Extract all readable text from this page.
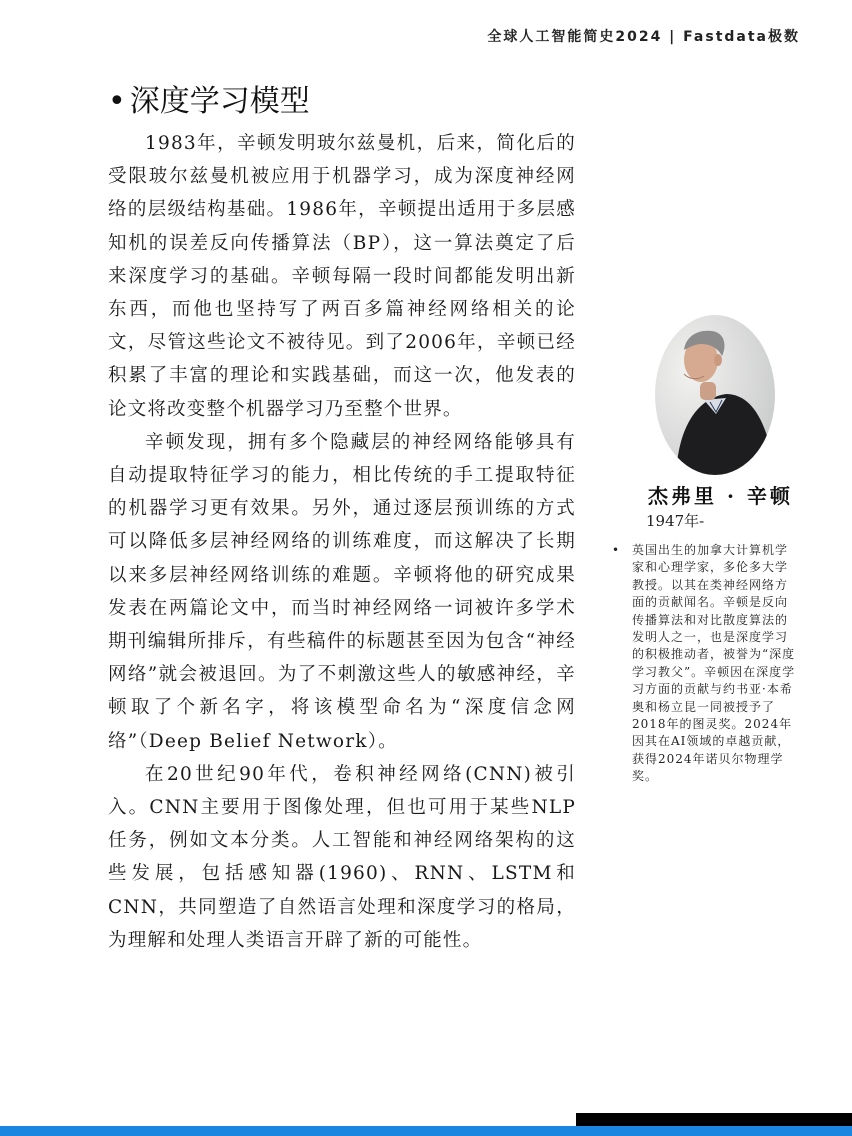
全球人工智能简史2024 | Fastdata极数
• 深度学习模型

1983年，辛顿发明玻尔兹曼机，后来，简化后的受限玻尔兹曼机被应用于机器学习，成为深度神经网络的层级结构基础。1986年，辛顿提出适用于多层感知机的误差反向传播算法（BP），这一算法奠定了后来深度学习的基础。辛顿每隔一段时间都能发明出新东西，而他也坚持写了两百多篇神经网络相关的论文，尽管这些论文不被待见。到了2006年，辛顿已经积累了丰富的理论和实践基础，而这一次，他发表的论文将改变整个机器学习乃至整个世界。

辛顿发现，拥有多个隐藏层的神经网络能够具有自动提取特征学习的能力，相比传统的手工提取特征的机器学习更有效果。另外，通过逐层预训练的方式可以降低多层神经网络的训练难度，而这解决了长期以来多层神经网络训练的难题。辛顿将他的研究成果发表在两篇论文中，而当时神经网络一词被许多学术期刊编辑所排斥，有些稿件的标题甚至因为包含“神经网络”就会被退回。为了不刺激这些人的敏感神经，辛顿取了个新名字，将该模型命名为“深度信念网络”（Deep Belief Network）。

在20世纪90年代，卷积神经网络(CNN)被引入。CNN主要用于图像处理，但也可用于某些NLP任务，例如文本分类。人工智能和神经网络架构的这些发展，包括感知器(1960)、RNN、LSTM和CNN，共同塑造了自然语言处理和深度学习的格局，为理解和处理人类语言开辟了新的可能性。

杰弗里 · 辛顿
1947年-
• 英国出生的加拿大计算机学家和心理学家，多伦多大学教授。以其在类神经网络方面的贡献闻名。辛顿是反向传播算法和对比散度算法的发明人之一，也是深度学习的积极推动者，被誉为“深度学习教父”。辛顿因在深度学习方面的贡献与约书亚·本希奥和杨立昆一同被授予了2018年的图灵奖。2024年因其在AI领域的卓越贡献，获得2024年诺贝尔物理学奖。
